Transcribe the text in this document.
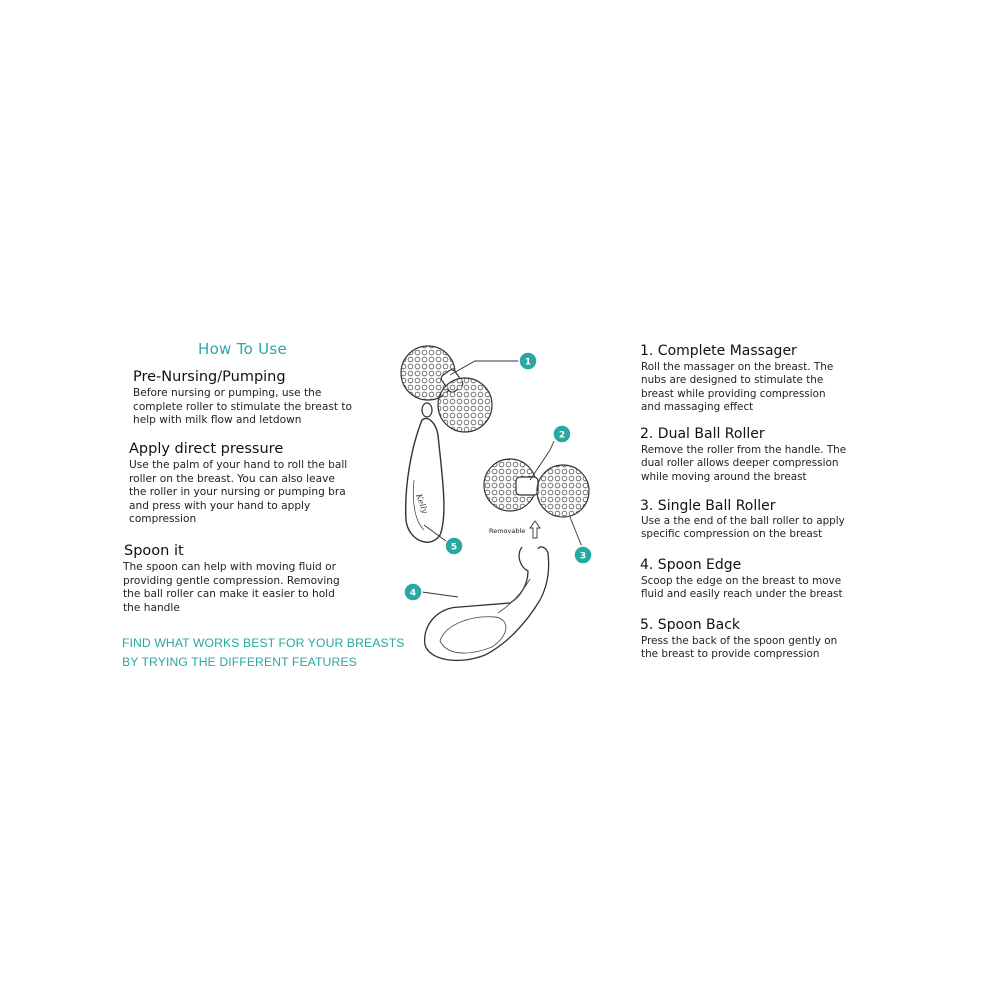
How To Use
Pre-Nursing/Pumping
Before nursing or pumping, use the complete roller to stimulate the breast to help with milk flow and letdown
Apply direct pressure
Use the palm of your hand to roll the ball roller on the breast. You can also leave the roller in your nursing or pumping bra and press with your hand to apply compression
Spoon it
The spoon can help with moving fluid or providing gentle compression. Removing the ball roller can make it easier to hold the handle
FIND WHAT WORKS BEST FOR YOUR BREASTS
BY TRYING THE DIFFERENT FEATURES
Kelly
Removable
1
2
3
4
5
1. Complete Massager
Roll the massager on the breast. The nubs are designed to stimulate the breast while providing compression and massaging effect
2. Dual Ball Roller
Remove the roller from the handle. The dual roller allows deeper compression while moving around the breast
3. Single Ball Roller
Use a the end of the ball roller to apply specific compression on the breast
4. Spoon Edge
Scoop the edge on the breast to move fluid and easily reach under the breast
5. Spoon Back
Press the back of the spoon gently on the breast to provide compression
